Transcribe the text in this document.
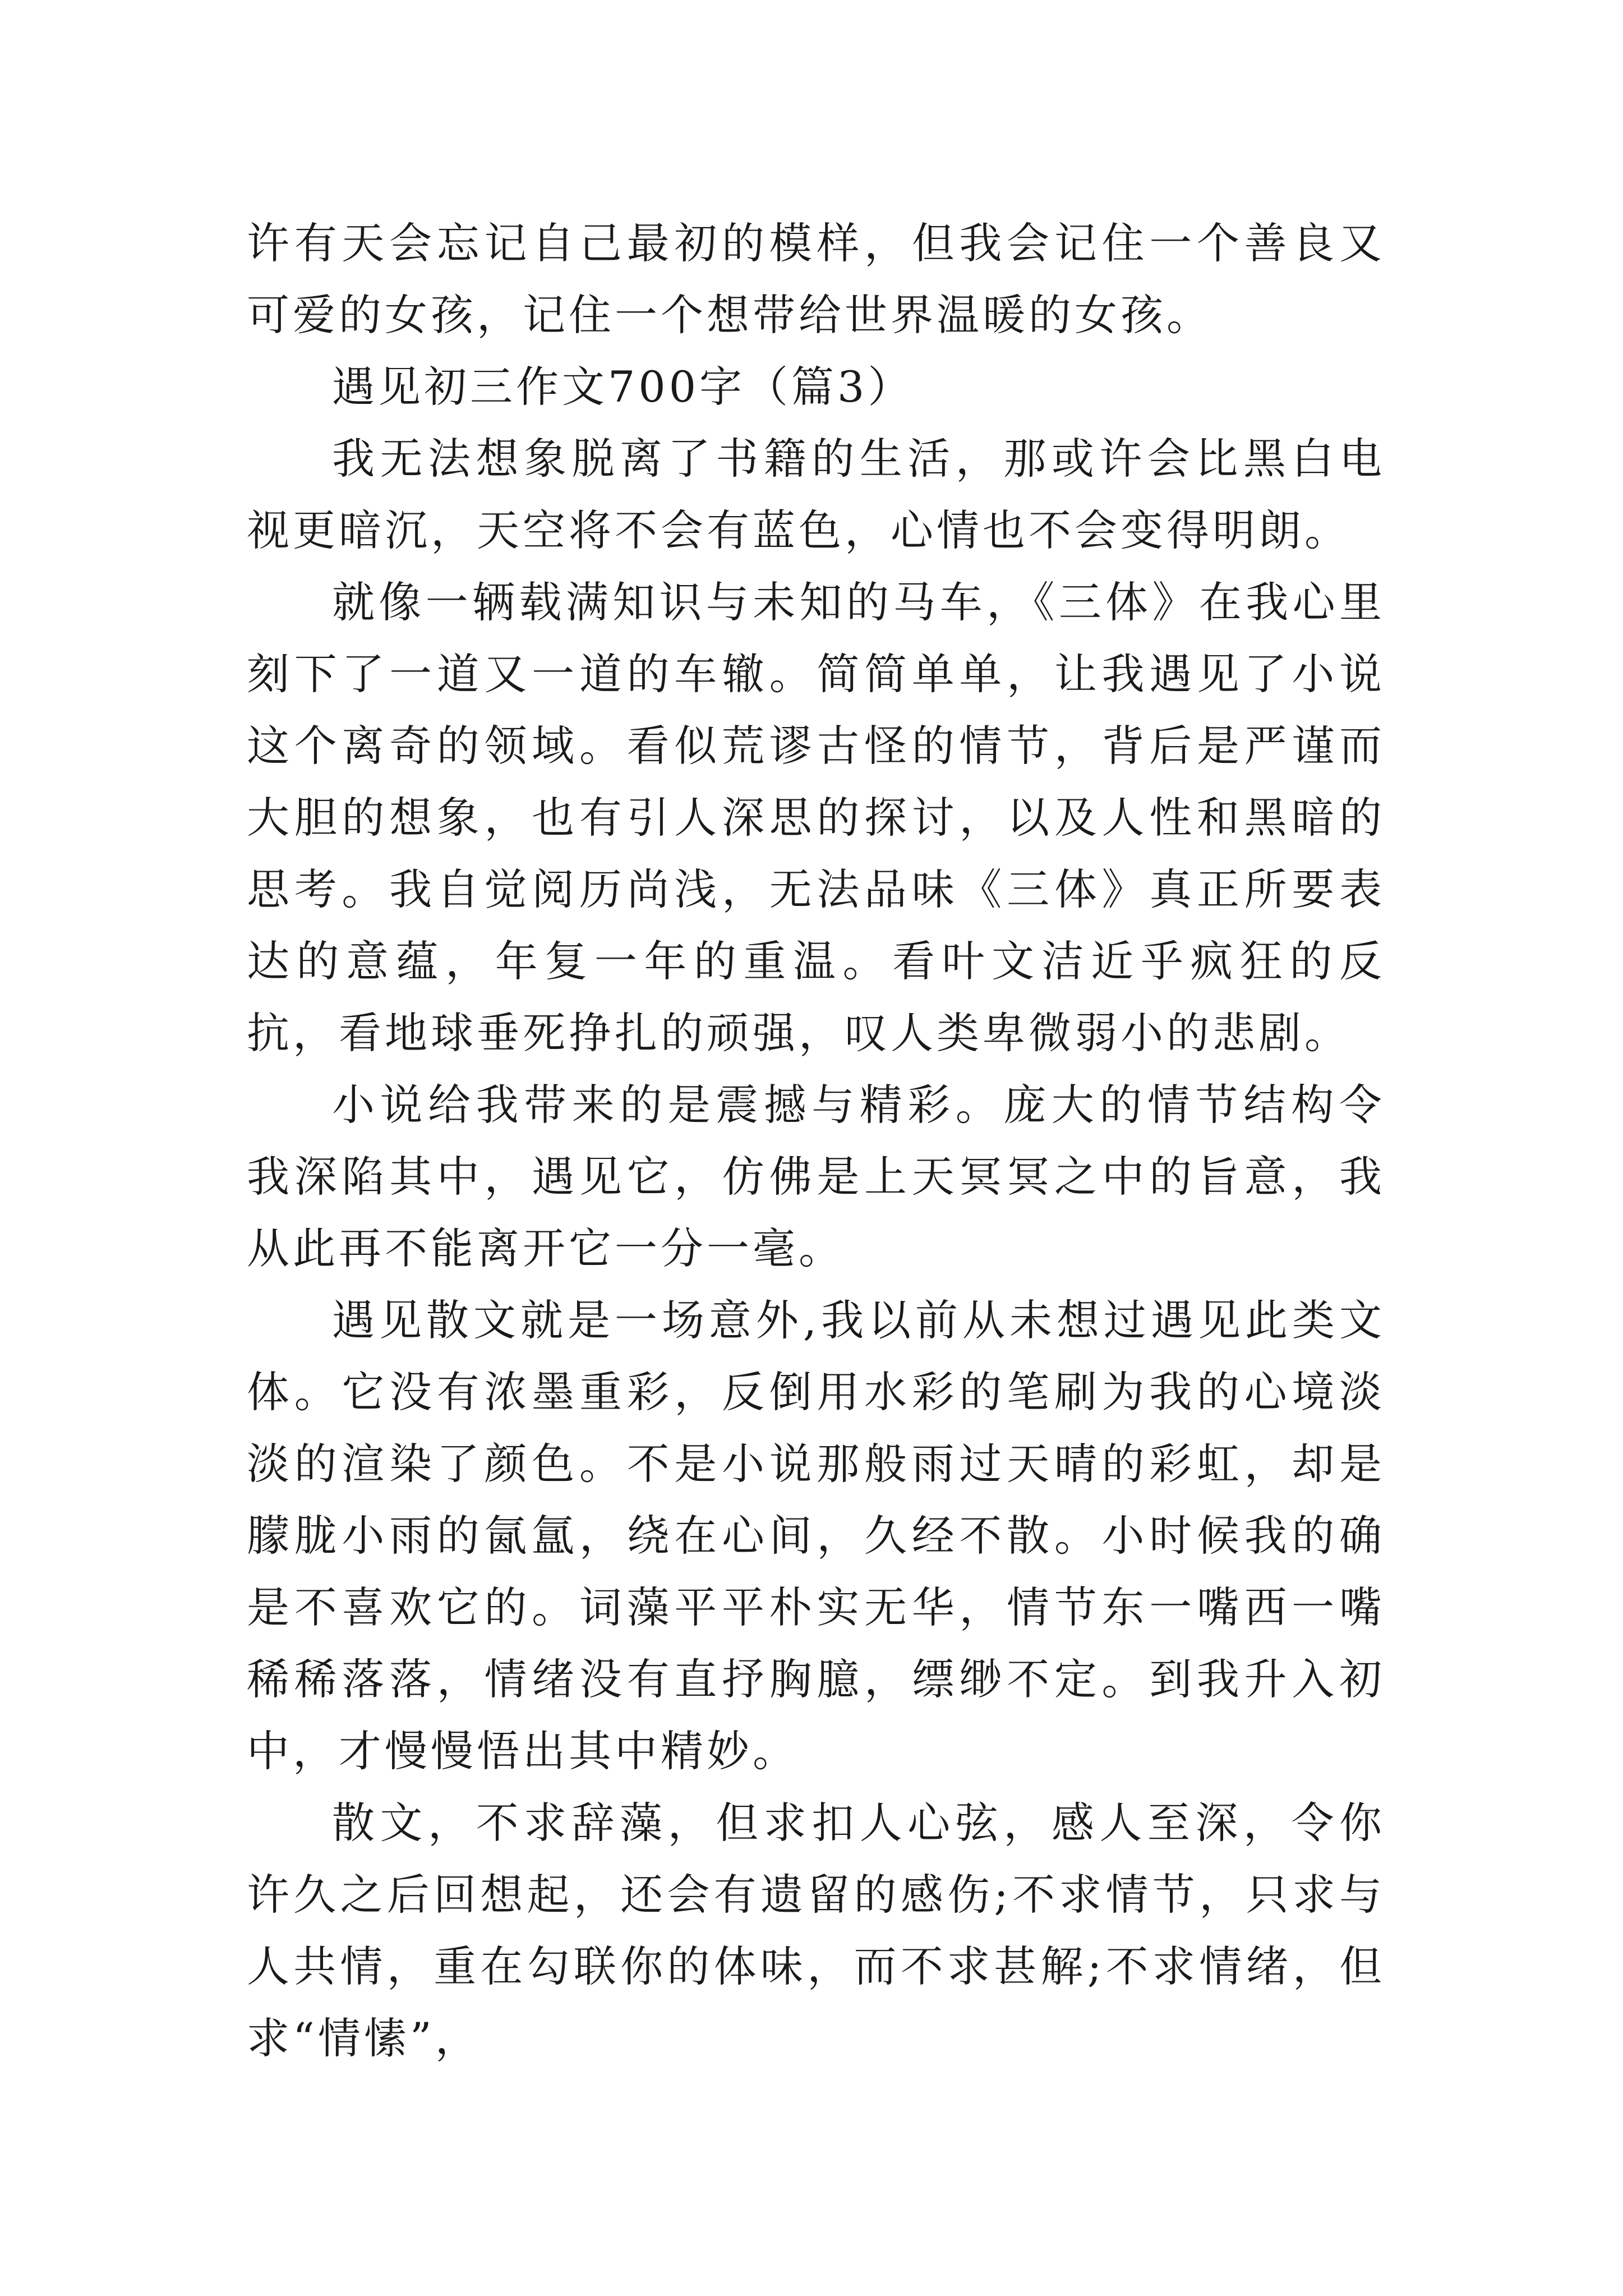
许有天会忘记自己最初的模样，但我会记住一个善良又可爱的女孩，记住一个想带给世界温暖的女孩。

遇见初三作文700字（篇3）

我无法想象脱离了书籍的生活，那或许会比黑白电视更暗沉，天空将不会有蓝色，心情也不会变得明朗。

就像一辆载满知识与未知的马车，《三体》在我心里刻下了一道又一道的车辙。简简单单，让我遇见了小说这个离奇的领域。看似荒谬古怪的情节，背后是严谨而大胆的想象，也有引人深思的探讨，以及人性和黑暗的思考。我自觉阅历尚浅，无法品味《三体》真正所要表达的意蕴，年复一年的重温。看叶文洁近乎疯狂的反抗，看地球垂死挣扎的顽强，叹人类卑微弱小的悲剧。

小说给我带来的是震撼与精彩。庞大的情节结构令我深陷其中，遇见它，仿佛是上天冥冥之中的旨意，我从此再不能离开它一分一毫。

遇见散文就是一场意外,我以前从未想过遇见此类文体。它没有浓墨重彩，反倒用水彩的笔刷为我的心境淡淡的渲染了颜色。不是小说那般雨过天晴的彩虹，却是朦胧小雨的氤氲，绕在心间，久经不散。小时候我的确是不喜欢它的。词藻平平朴实无华，情节东一嘴西一嘴稀稀落落，情绪没有直抒胸臆，缥缈不定。到我升入初中，才慢慢悟出其中精妙。

散文，不求辞藻，但求扣人心弦，感人至深，令你许久之后回想起，还会有遗留的感伤;不求情节，只求与人共情，重在勾联你的体味，而不求甚解;不求情绪，但求“情愫”，
